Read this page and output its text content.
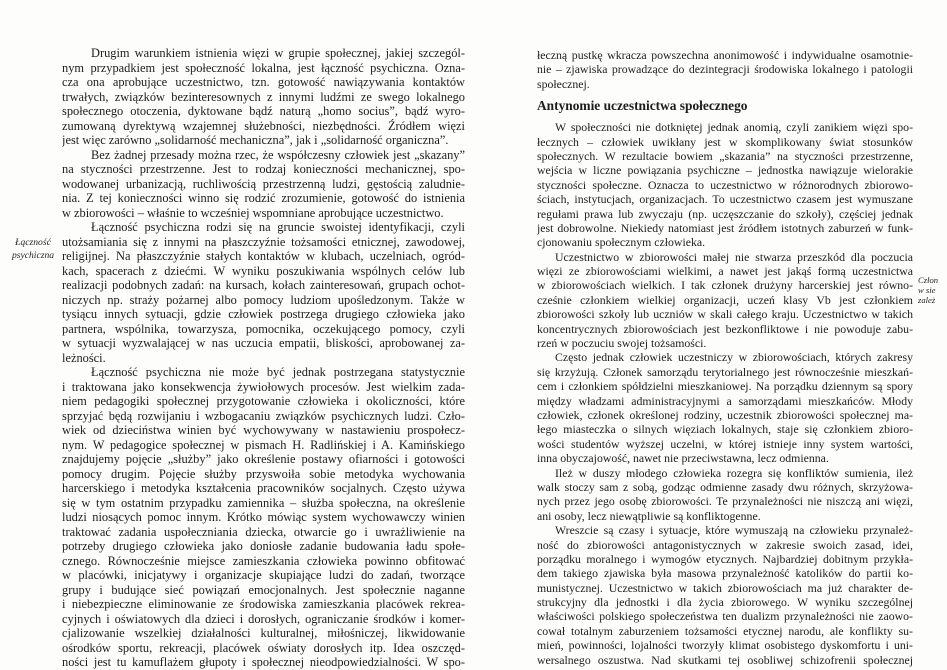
Łączność
psychiczna
Drugim warunkiem istnienia więzi w grupie społecznej, jakiej szczegól-
nym przypadkiem jest społeczność lokalna, jest łączność psychiczna. Ozna-
cza ona aprobujące uczestnictwo, tzn. gotowość nawiązywania kontaktów
trwałych, związków bezinteresownych z innymi ludźmi ze swego lokalnego
społecznego otoczenia, dyktowane bądź naturą „homo socius”, bądź wyro-
zumowaną dyrektywą wzajemnej służebności, niezbędności. Źródłem więzi
jest więc zarówno „solidarność mechaniczna”, jak i „solidarność organiczna”.
Bez żadnej przesady można rzec, że współczesny człowiek jest „skazany”
na styczności przestrzenne. Jest to rodzaj konieczności mechanicznej, spo-
wodowanej urbanizacją, ruchliwością przestrzenną ludzi, gęstością zaludnie-
nia. Z tej konieczności winno się rodzić zrozumienie, gotowość do istnienia
w zbiorowości – właśnie to wcześniej wspomniane aprobujące uczestnictwo.
Łączność psychiczna rodzi się na gruncie swoistej identyfikacji, czyli
utożsamiania się z innymi na płaszczyźnie tożsamości etnicznej, zawodowej,
religijnej. Na płaszczyźnie stałych kontaktów w klubach, uczelniach, ogród-
kach, spacerach z dziećmi. W wyniku poszukiwania wspólnych celów lub
realizacji podobnych zadań: na kursach, kołach zainteresowań, grupach ochot-
niczych np. straży pożarnej albo pomocy ludziom upośledzonym. Także w
tysiącu innych sytuacji, gdzie człowiek postrzega drugiego człowieka jako
partnera, wspólnika, towarzysza, pomocnika, oczekującego pomocy, czyli
w sytuacji wyzwalającej w nas uczucia empatii, bliskości, aprobowanej za-
leżności.
Łączność psychiczna nie może być jednak postrzegana statystycznie
i traktowana jako konsekwencja żywiołowych procesów. Jest wielkim zada-
niem pedagogiki społecznej przygotowanie człowieka i okoliczności, które
sprzyjać będą rozwijaniu i wzbogacaniu związków psychicznych ludzi. Czło-
wiek od dzieciństwa winien być wychowywany w nastawieniu prospołecz-
nym. W pedagogice społecznej w pismach H. Radlińskiej i A. Kamińskiego
znajdujemy pojęcie „służby” jako określenie postawy ofiarności i gotowości
pomocy drugim. Pojęcie służby przyswoiła sobie metodyka wychowania
harcerskiego i metodyka kształcenia pracowników socjalnych. Często używa
się w tym ostatnim przypadku zamiennika – służba społeczna, na określenie
ludzi niosących pomoc innym. Krótko mówiąc system wychowawczy winien
traktować zadania uspołeczniania dziecka, otwarcie go i uwrażliwienie na
potrzeby drugiego człowieka jako doniosłe zadanie budowania ładu społe-
cznego. Równocześnie miejsce zamieszkania człowieka powinno obfitować
w placówki, inicjatywy i organizacje skupiające ludzi do zadań, tworzące
grupy i budujące sieć powiązań emocjonalnych. Jest społecznie naganne
i niebezpieczne eliminowanie ze środowiska zamieszkania placówek rekrea-
cyjnych i oświatowych dla dzieci i dorosłych, ograniczanie środków i komer-
cjalizowanie wszelkiej działalności kulturalnej, miłośniczej, likwidowanie
ośrodków sportu, rekreacji, placówek oświaty dorosłych itp. Idea oszczęd-
ności jest tu kamuflażem głupoty i społecznej nieodpowiedzialności. W spo-
łeczną pustkę wkracza powszechna anonimowość i indywidualne osamotnie-
nie – zjawiska prowadzące do dezintegracji środowiska lokalnego i patologii
społecznej.
Antynomie uczestnictwa społecznego
W społeczności nie dotkniętej jednak anomią, czyli zanikiem więzi spo-
łecznych – człowiek uwikłany jest w skomplikowany świat stosunków
społecznych. W rezultacie bowiem „skazania” na styczności przestrzenne,
wejścia w liczne powiązania psychiczne – jednostka nawiązuje wielorakie
styczności społeczne. Oznacza to uczestnictwo w różnorodnych zbiorowo-
ściach, instytucjach, organizacjach. To uczestnictwo czasem jest wymuszane
regułami prawa lub zwyczaju (np. uczęszczanie do szkoły), częściej jednak
jest dobrowolne. Niekiedy natomiast jest źródłem istotnych zaburzeń w funk-
cjonowaniu społecznym człowieka.
Uczestnictwo w zbiorowości małej nie stwarza przeszkód dla poczucia
więzi ze zbiorowościami wielkimi, a nawet jest jakąś formą uczestnictwa
w zbiorowościach wielkich. I tak członek drużyny harcerskiej jest równo-
cześnie członkiem wielkiej organizacji, uczeń klasy Vb jest członkiem
zbiorowości szkoły lub uczniów w skali całego kraju. Uczestnictwo w takich
koncentrycznych zbiorowościach jest bezkonfliktowe i nie powoduje zabu-
rzeń w poczuciu swojej tożsamości.
Często jednak człowiek uczestniczy w zbiorowościach, których zakresy
się krzyżują. Członek samorządu terytorialnego jest równocześnie mieszkań-
cem i członkiem spółdzielni mieszkaniowej. Na porządku dziennym są spory
między władzami administracyjnymi a samorządami mieszkańców. Młody
człowiek, członek określonej rodziny, uczestnik zbiorowości społecznej ma-
łego miasteczka o silnych więziach lokalnych, staje się członkiem zbioro-
wości studentów wyższej uczelni, w której istnieje inny system wartości,
inna obyczajowość, nawet nie przeciwstawna, lecz odmienna.
Ileż w duszy młodego człowieka rozegra się konfliktów sumienia, ileż
walk stoczy sam z sobą, godząc odmienne zasady dwu różnych, skrzyżowa-
nych przez jego osobę zbiorowości. Te przynależności nie niszczą ani więzi,
ani osoby, lecz niewątpliwie są konfliktogenne.
Wreszcie są czasy i sytuacje, które wymuszają na człowieku przynależ-
ność do zbiorowości antagonistycznych w zakresie swoich zasad, idei,
porządku moralnego i wymogów etycznych. Najbardziej dobitnym przykła-
dem takiego zjawiska była masowa przynależność katolików do partii ko-
munistycznej. Uczestnictwo w takich zbiorowościach ma już charakter de-
strukcyjny dla jednostki i dla życia zbiorowego. W wyniku szczególnej
właściwości polskiego społeczeństwa ten dualizm przynależności nie zaowo-
cował totalnym zaburzeniem tożsamości etycznej narodu, ale konflikty su-
mień, powinności, lojalności tworzyły klimat osobistego dyskomfortu i uni-
wersalnego oszustwa. Nad skutkami tej osobliwej schizofrenii społecznej
Człon
w sie
zależ
